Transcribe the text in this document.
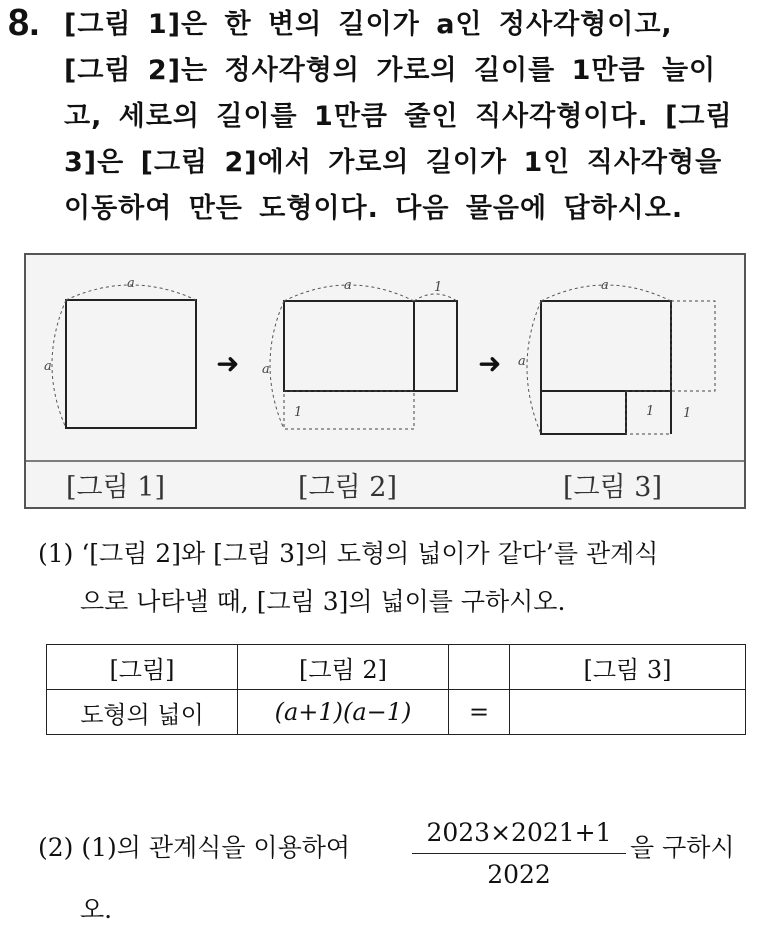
8. [그림 1]은 한 변의 길이가 a인 정사각형이고,

[그림 2]는 정사각형의 가로의 길이를 1만큼 늘이

고, 세로의 길이를 1만큼 줄인 직사각형이다. [그림

3]은 [그림 2]에서 가로의 길이가 1인 직사각형을

이동하여 만든 도형이다. 다음 물음에 답하시오.

a
a	➜
a	1
a
1
➜
a
a
1 1
[그림 1]	[그림 2]	[그림 3]
(1) ‘[그림 2]와 [그림 3]의 도형의 넓이가 같다’를 관계식
으로 나타낼 때, [그림 3]의 넓이를 구하시오.
[그림]	[그림 2]		[그림 3]
도형의 넓이	(a+1)(a−1)	=	
(2) (1)의 관계식을 이용하여 $\frac{2023\times 2021+1}{2022}$ 을 구하시
오.
